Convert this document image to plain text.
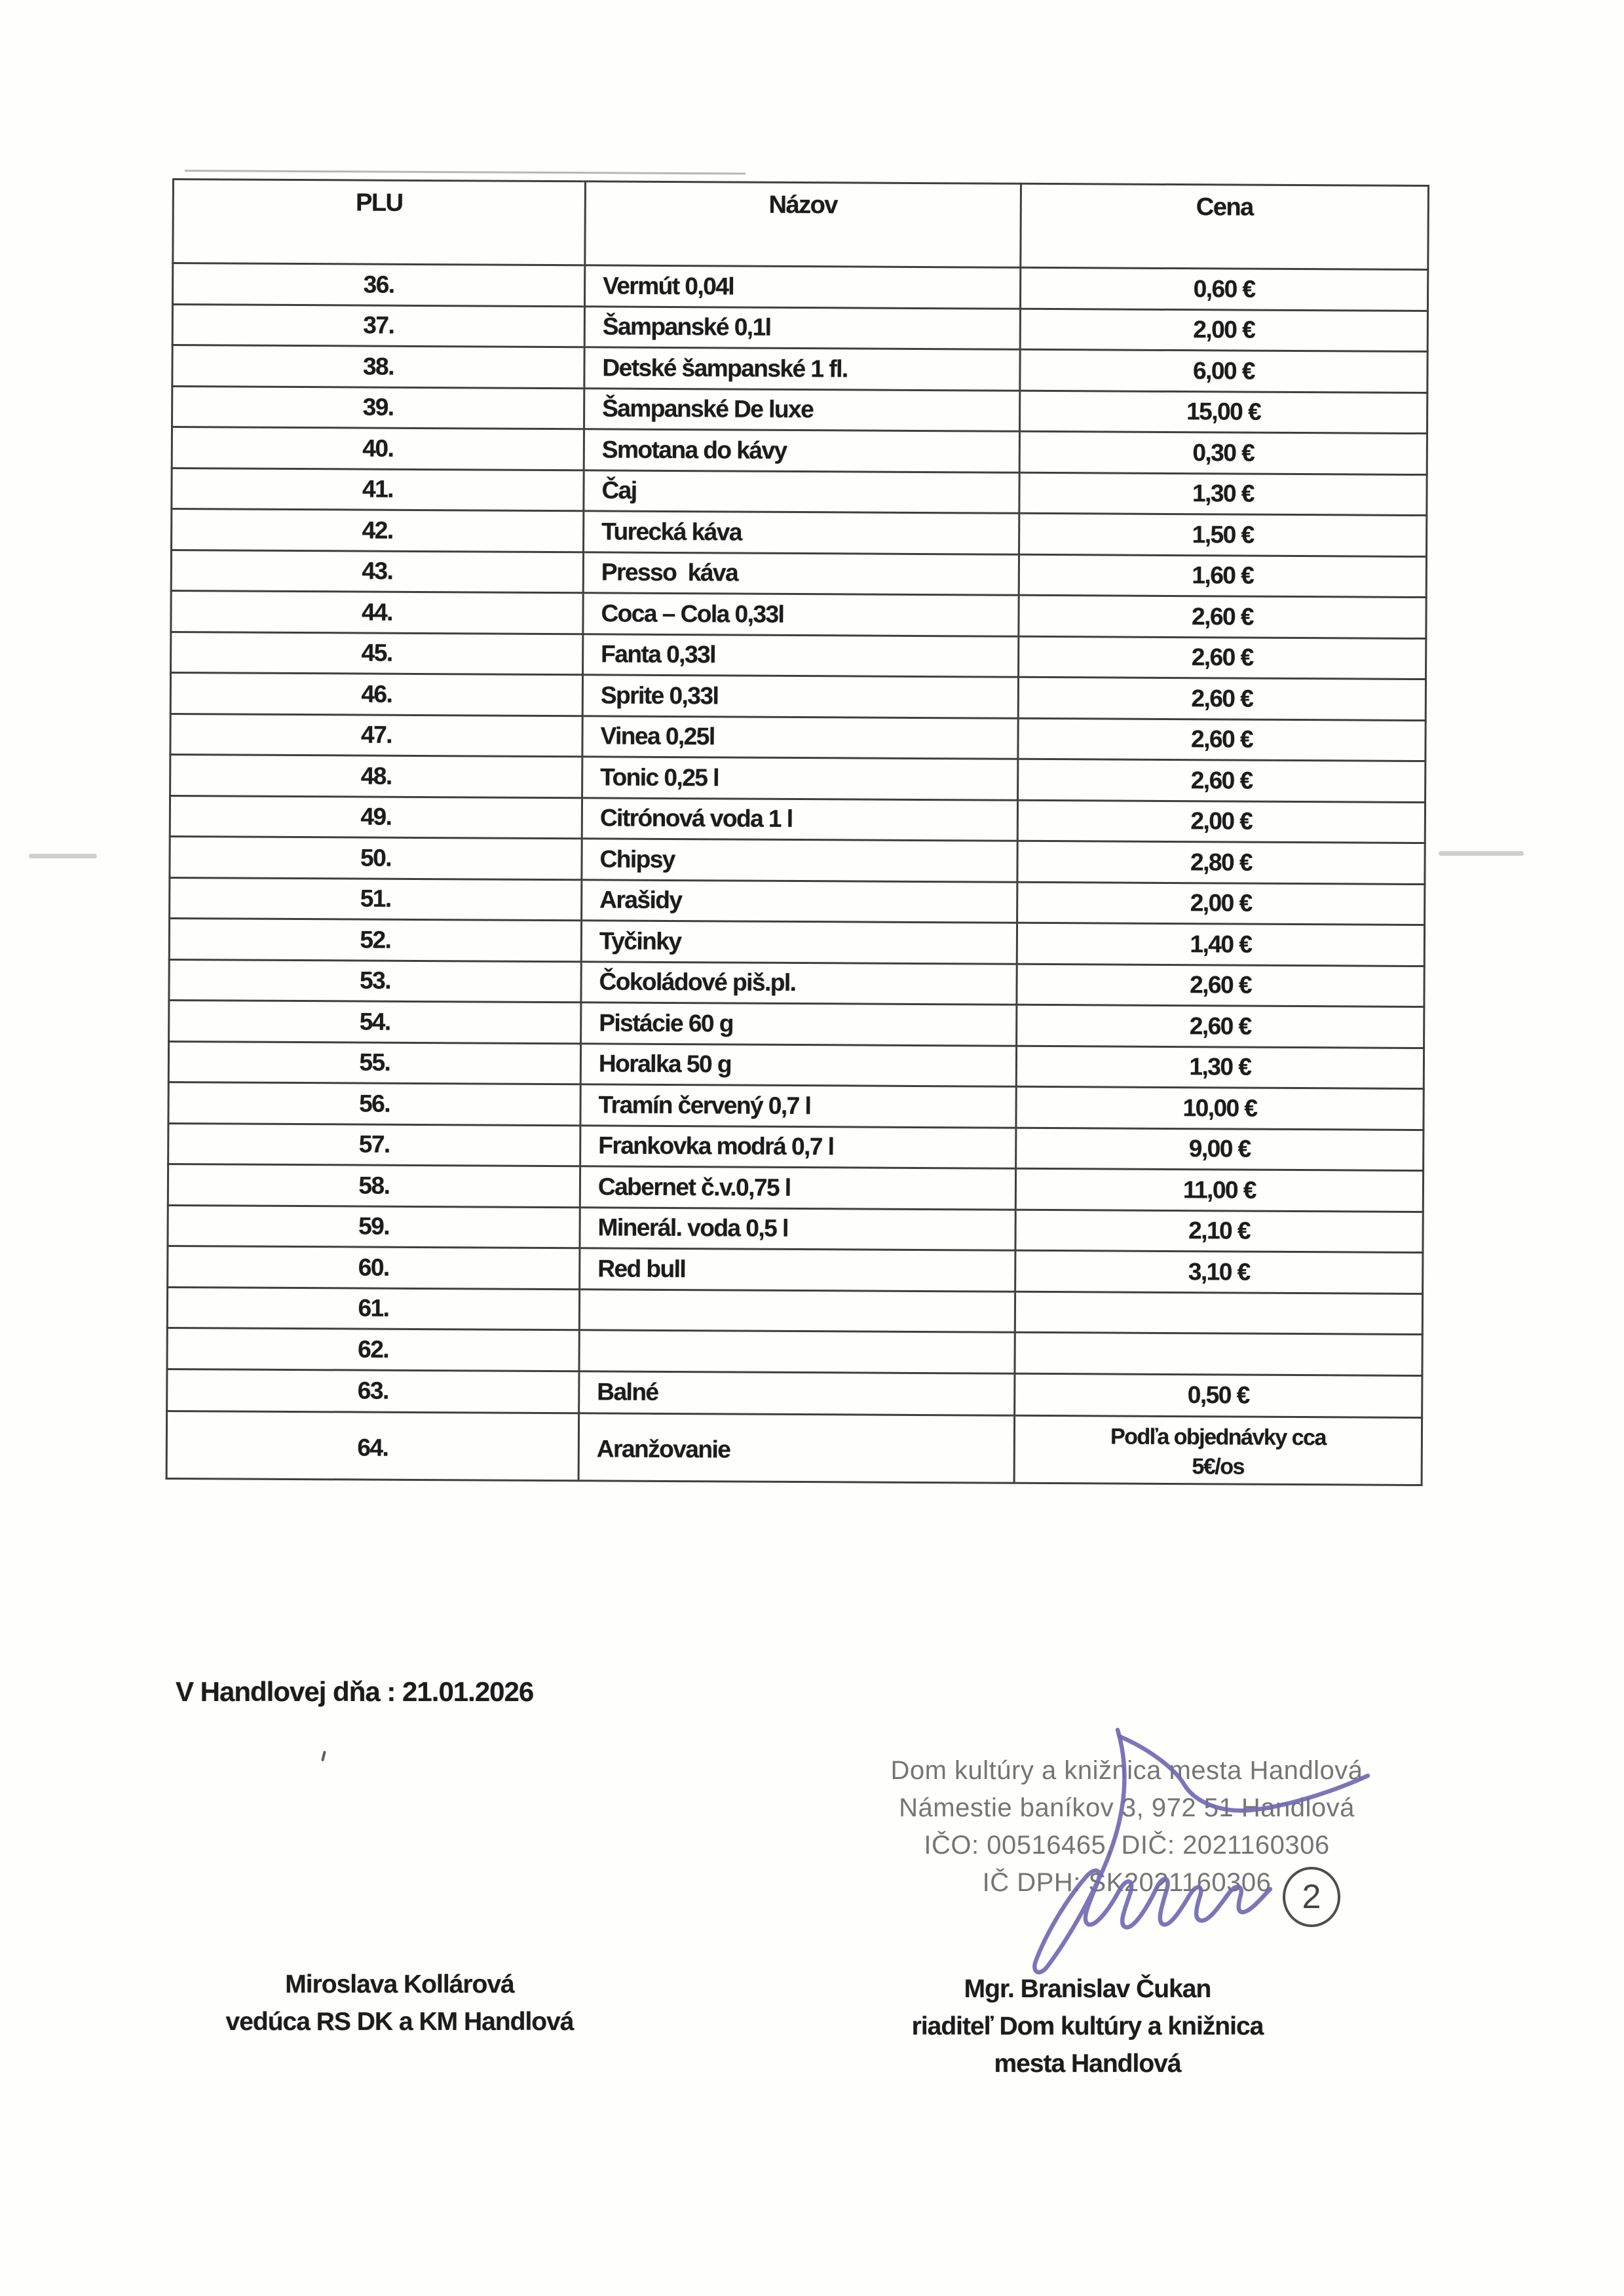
PLU	Názov	Cena
36.	Vermút 0,04l	0,60 €
37.	Šampanské 0,1l	2,00 €
38.	Detské šampanské 1 fl.	6,00 €
39.	Šampanské De luxe	15,00 €
40.	Smotana do kávy	0,30 €
41.	Čaj	1,30 €
42.	Turecká káva	1,50 €
43.	Presso  káva	1,60 €
44.	Coca – Cola 0,33l	2,60 €
45.	Fanta 0,33l	2,60 €
46.	Sprite 0,33l	2,60 €
47.	Vinea 0,25l	2,60 €
48.	Tonic 0,25 l	2,60 €
49.	Citrónová voda 1 l	2,00 €
50.	Chipsy	2,80 €
51.	Arašidy	2,00 €
52.	Tyčinky	1,40 €
53.	Čokoládové piš.pl.	2,60 €
54.	Pistácie 60 g	2,60 €
55.	Horalka 50 g	1,30 €
56.	Tramín červený 0,7 l	10,00 €
57.	Frankovka modrá 0,7 l	9,00 €
58.	Cabernet č.v.0,75 l	11,00 €
59.	Minerál. voda 0,5 l	2,10 €
60.	Red bull	3,10 €
61.		
62.		
63.	Balné	0,50 €
64.	Aranžovanie	Podľa objednávky cca
5€/os
V Handlovej dňa : 21.01.2026
Dom kultúry a knižnica mesta Handlová
Námestie baníkov 3, 972 51 Handlová
IČO: 00516465, DIČ: 2021160306
IČ DPH: SK2021160306 2
Miroslava Kollárová
vedúca RS DK a KM Handlová
Mgr. Branislav Čukan
riaditeľ Dom kultúry a knižnica
mesta Handlová
